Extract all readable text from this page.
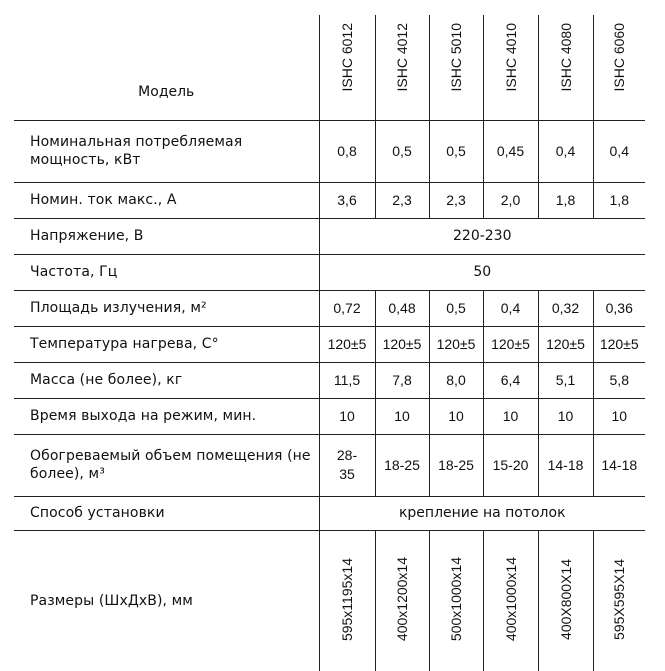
Модель	ISHC 6012	ISHC 4012	ISHC 5010	ISHC 4010	ISHC 4080	ISHC 6060
Номинальная потребляемая мощность, кВт	0,8	0,5	0,5	0,45	0,4	0,4
Номин. ток макс., А	3,6	2,3	2,3	2,0	1,8	1,8
Напряжение, В	220-230					
Частота, Гц	50					
Площадь излучения, м²	0,72	0,48	0,5	0,4	0,32	0,36
Температура нагрева, С°	120±5	120±5	120±5	120±5	120±5	120±5
Масса (не более), кг	11,5	7,8	8,0	6,4	5,1	5,8
Время выхода на режим, мин.	10	10	10	10	10	10
Обогреваемый объем помещения (не более), м³	28-35	18-25	18-25	15-20	14-18	14-18
Способ установки	крепление на потолок					
Размеры (ШхДхВ), мм	595x1195x14	400x1200x14	500x1000x14	400x1000x14	400X800X14	595X595X14
